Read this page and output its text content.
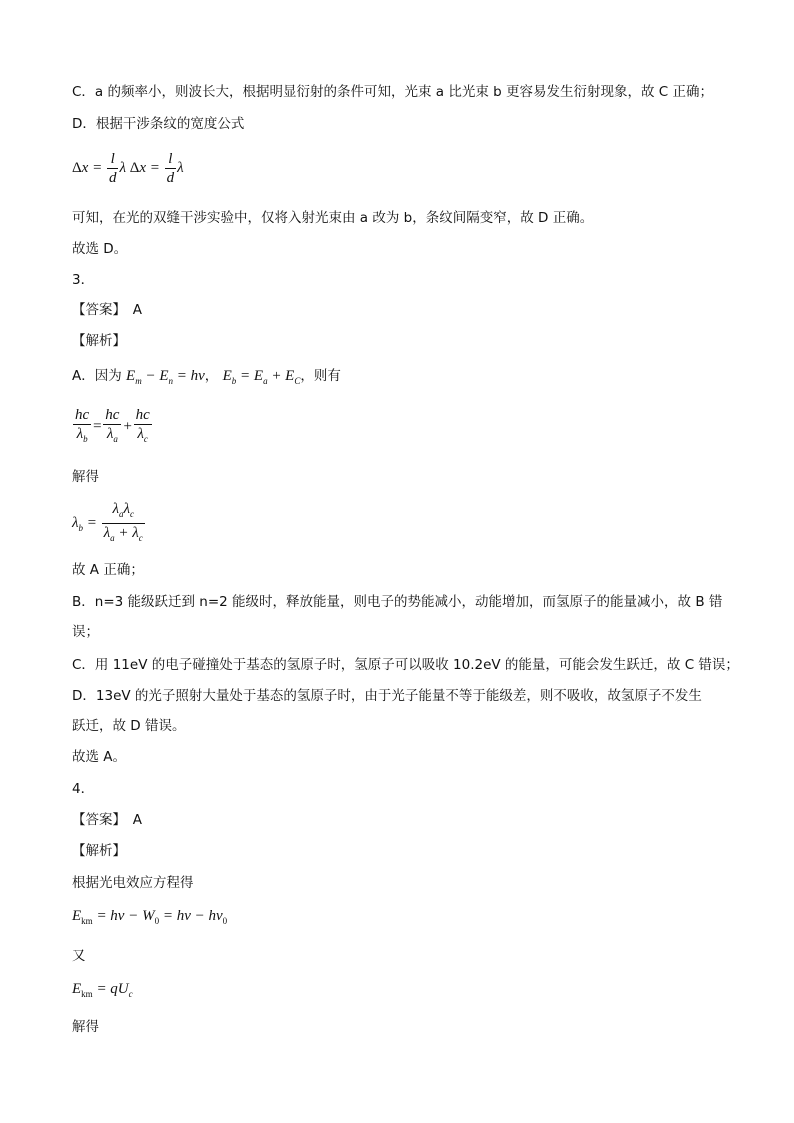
C．a 的频率小，则波长大，根据明显衍射的条件可知，光束 a 比光束 b 更容易发生衍射现象，故 C 正确；
D．根据干涉条纹的宽度公式
$\Delta x = \frac{l}{d}$ λ $\Delta x = \frac{l}{d}$ λ
可知，在光的双缝干涉实验中，仅将入射光束由 a 改为 b，条纹间隔变窄，故 D 正确。
故选 D。
3．
【答案】　A
【解析】
A．因为 $E_m - E_n = h\nu$， $E_b = E_a + E_C$，则有
$\frac{hc}{\lambda_b} = \frac{hc}{\lambda_a} + \frac{hc}{\lambda_c}$
解得
$\lambda_b = \frac{\lambda_a\lambda_c}{\lambda_a + \lambda_c}$
故 A 正确；
B．n=3 能级跃迁到 n=2 能级时，释放能量，则电子的势能减小，动能增加，而氢原子的能量减小，故 B 错
误；
C．用 11eV 的电子碰撞处于基态的氢原子时，氢原子可以吸收 10.2eV 的能量，可能会发生跃迁，故 C 错误；
D．13eV 的光子照射大量处于基态的氢原子时，由于光子能量不等于能级差，则不吸收，故氢原子不发生
跃迁，故 D 错误。
故选 A。
4．
【答案】　A
【解析】
根据光电效应方程得
$E_{km} = h\nu - W_0 = h\nu - h\nu_0$
又
$E_{km} = qU_c$
解得
